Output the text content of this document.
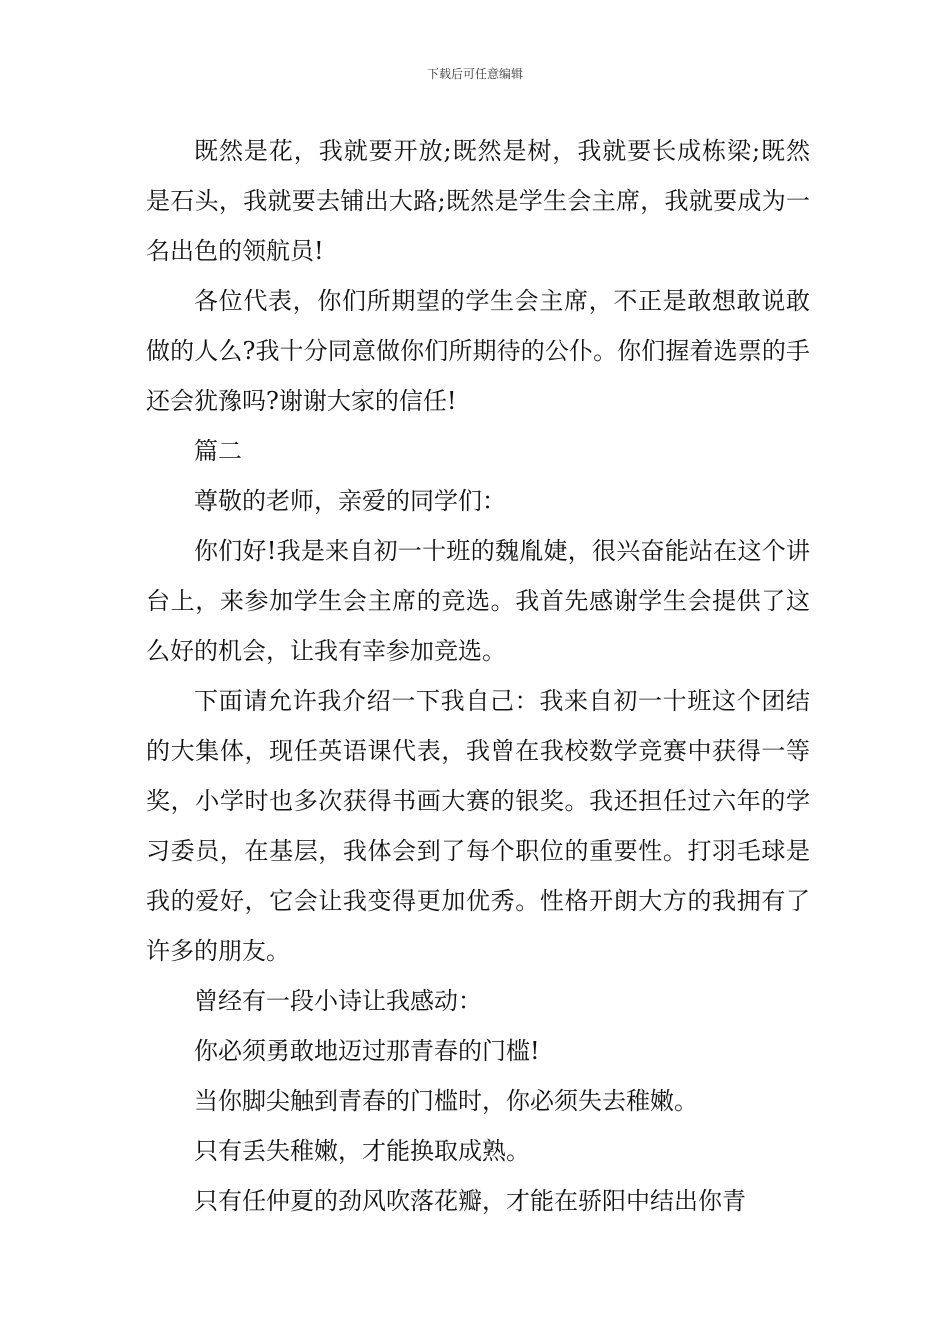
下载后可任意编辑

既然是花，我就要开放;既然是树，我就要长成栋梁;既然是石头，我就要去铺出大路;既然是学生会主席，我就要成为一名出色的领航员!

各位代表，你们所期望的学生会主席，不正是敢想敢说敢做的人么?我十分同意做你们所期待的公仆。你们握着选票的手还会犹豫吗?谢谢大家的信任!

篇二

尊敬的老师，亲爱的同学们：

你们好!我是来自初一十班的魏胤婕，很兴奋能站在这个讲台上，来参加学生会主席的竞选。我首先感谢学生会提供了这么好的机会，让我有幸参加竞选。

下面请允许我介绍一下我自己：我来自初一十班这个团结的大集体，现任英语课代表，我曾在我校数学竞赛中获得一等奖，小学时也多次获得书画大赛的银奖。我还担任过六年的学习委员，在基层，我体会到了每个职位的重要性。打羽毛球是我的爱好，它会让我变得更加优秀。性格开朗大方的我拥有了许多的朋友。

曾经有一段小诗让我感动：

你必须勇敢地迈过那青春的门槛!

当你脚尖触到青春的门槛时，你必须失去稚嫩。

只有丢失稚嫩，才能换取成熟。

只有任仲夏的劲风吹落花瓣，才能在骄阳中结出你青
